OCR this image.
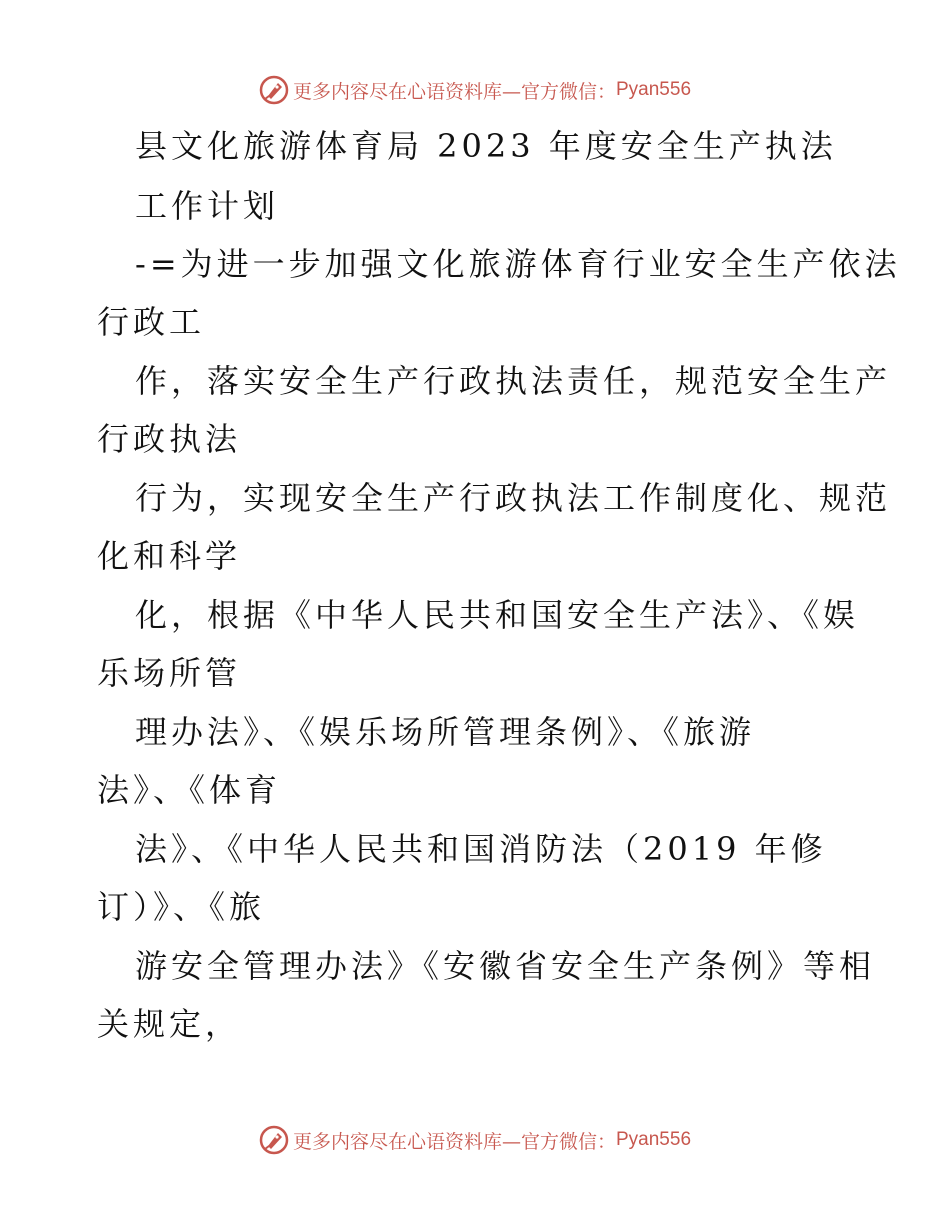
更多内容尽在心语资料库—官方微信： Pyan556
县文化旅游体育局 2023 年度安全生产执法
工作计划
-=为进一步加强文化旅游体育行业安全生产依法
行政工
作，落实安全生产行政执法责任，规范安全生产
行政执法
行为，实现安全生产行政执法工作制度化、规范
化和科学
化，根据《中华人民共和国安全生产法》、《娱
乐场所管
理办法》、《娱乐场所管理条例》、《旅游
法》、《体育
法》、《中华人民共和国消防法（2019 年修
订）》、《旅
游安全管理办法》《安徽省安全生产条例》等相
关规定，
更多内容尽在心语资料库—官方微信： Pyan556
